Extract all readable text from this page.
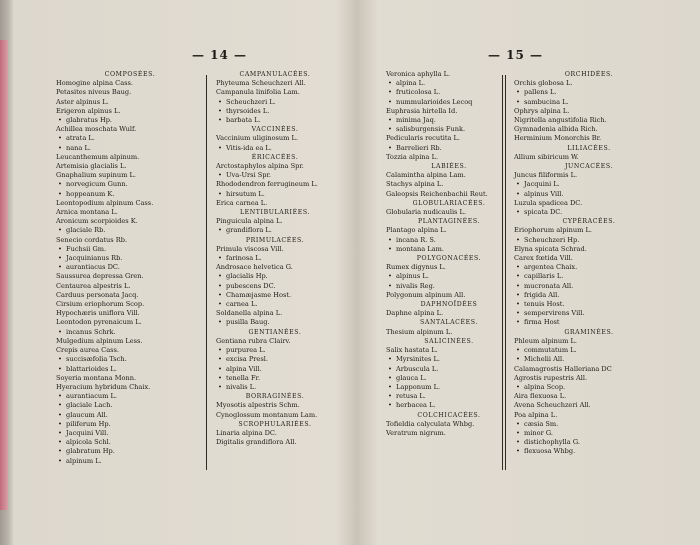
— 14 —
COMPOSÉES.
Homogine alpina Cass.
Petasites niveus Baug.
Aster alpinus L.
Erigeron alpinus L.
• glabratus Hp.
Achillea moschata Wulf.
• atrata L.
• nana L.
Leucanthemum alpinum.
Artemisia glacialis L.
Gnaphalium supinum L.
• norvegicum Gunn.
• hoppeanum K.
Leontopodium alpinum Cass.
Arnica montana L.
Aronicum scorpioides K.
• glaciale Rb.
Senecio cordatus Rb.
• Fuchsii Gm.
• Jacquinianus Rb.
• aurantiacus DC.
Saussurea depressa Gren.
Centaurea alpestris L.
Carduus personata Jacq.
Cirsium eriophorum Scop.
Hypochæris uniflora Vill.
Leontodon pyrenaicum L.
• incanus Schrk.
Mulgedium alpinum Less.
Crepis aurea Cass.
• succisæfolia Tsch.
• blattarioides L.
Soyeria montana Monn.
Hyeracium hybridum Chaix.
• aurantiacum L.
• glaciale Lach.
• glaucum All.
• piliferum Hp.
• Jacquini Vill.
• alpicola Schl.
• glabratum Hp.
• alpinum L.
CAMPANULACÉES.
Phyteuma Scheuchzeri All.
Campanula linifolia Lam.
• Scheuchzeri L.
• thyrsoides L.
• barbata L.
VACCINÉES.
Vaccinium uliginosum L.
• Vitis-ida ea L.
ÉRICACÉES.
Arctostaphylos alpina Spr.
• Uva-Ursi Spr.
Rhododendron ferrugineum L.
• hirsutum L.
Erica carnea L.
LENTIBULARIÉES.
Pinguicula alpina L.
• grandiflora L.
PRIMULACÉES.
Primula viscosa Vill.
• farinosa L.
Androsace helvetica G.
• glacialis Hp.
• pubescens DC.
• Chamæjasme Host.
• carnea L.
Soldanella alpina L.
• pusilla Baug.
GENTIANÉES.
Gentiana rubra Clairv.
• purpurea L.
• excisa Presl.
• alpina Vill.
• tenella Fr.
• nivalis L.
BORRAGINÉES.
Myosotis alpestris Schm.
Cynoglossum montanum Lam.
SCROPHULARIÉES.
Linaria alpina DC.
Digitalis grandiflora All.
— 15 —
Veronica aphylla L.
• alpina L.
• fruticolosa L.
• nummularioides Lecoq
Euphrasia hirtella Id.
• minima Jaq.
• salisburgensis Funk.
Pedicularis recutita L.
• Barrelieri Rb.
Tozzia alpina L.
LABIÉES.
Calamintha alpina Lam.
Stachys alpina L.
Galeopsis Reichenbachii Reut.
GLOBULARIACÉES.
Globularia nudicaulis L.
PLANTAGINÉES.
Plantago alpina L.
• incana R. S.
• montana Lam.
POLYGONACÉES.
Rumex digynus L.
• alpinus L.
• nivalis Reg.
Polygonum alpinum All.
DAPHNOÏDÉES
Daphne alpina L.
SANTALACÉES.
Thesium alpinum L.
SALICINÉES.
Salix hastata L.
• Myrsinites L.
• Arbuscula L.
• glauca L.
• Lapponum L.
• retusa L.
• herbacea L.
COLCHICACÉES.
Tofieldia calyculata Whbg.
Veratrum nigrum.
ORCHIDÉES.
Orchis globosa L.
• pallens L.
• sambucina L.
Ophrys alpina L.
Nigritella angustifolia Rich.
Gymnadenia albida Rich.
Herminium Monorchis Br.
LILIACÉES.
Allium sibiricum W.
JUNCACÉES.
Juncus filiformis L.
• Jacquini L.
• alpinus Vill.
Luzula spadicea DC.
• spicata DC.
CYPÉRACÉES.
Eriophorum alpinum L.
• Scheuchzeri Hp.
Elyna spicata Schrad.
Carex fœtida Vill.
• argentea Chaix.
• capillaris L.
• mucronata All.
• frigida All.
• tenuis Host.
• sempervirens Vill.
• firma Host
GRAMINÉES.
Phleum alpinum L.
• commutatum L.
• Michelii All.
Calamagrostis Halleriana DC
Agrostis rupestris All.
• alpina Scop.
Aira flexuosa L.
Avena Scheuchzeri All.
Poa alpina L.
• cæsia Sm.
• minor G.
• distichophylla G.
• flexuosa Whbg.
